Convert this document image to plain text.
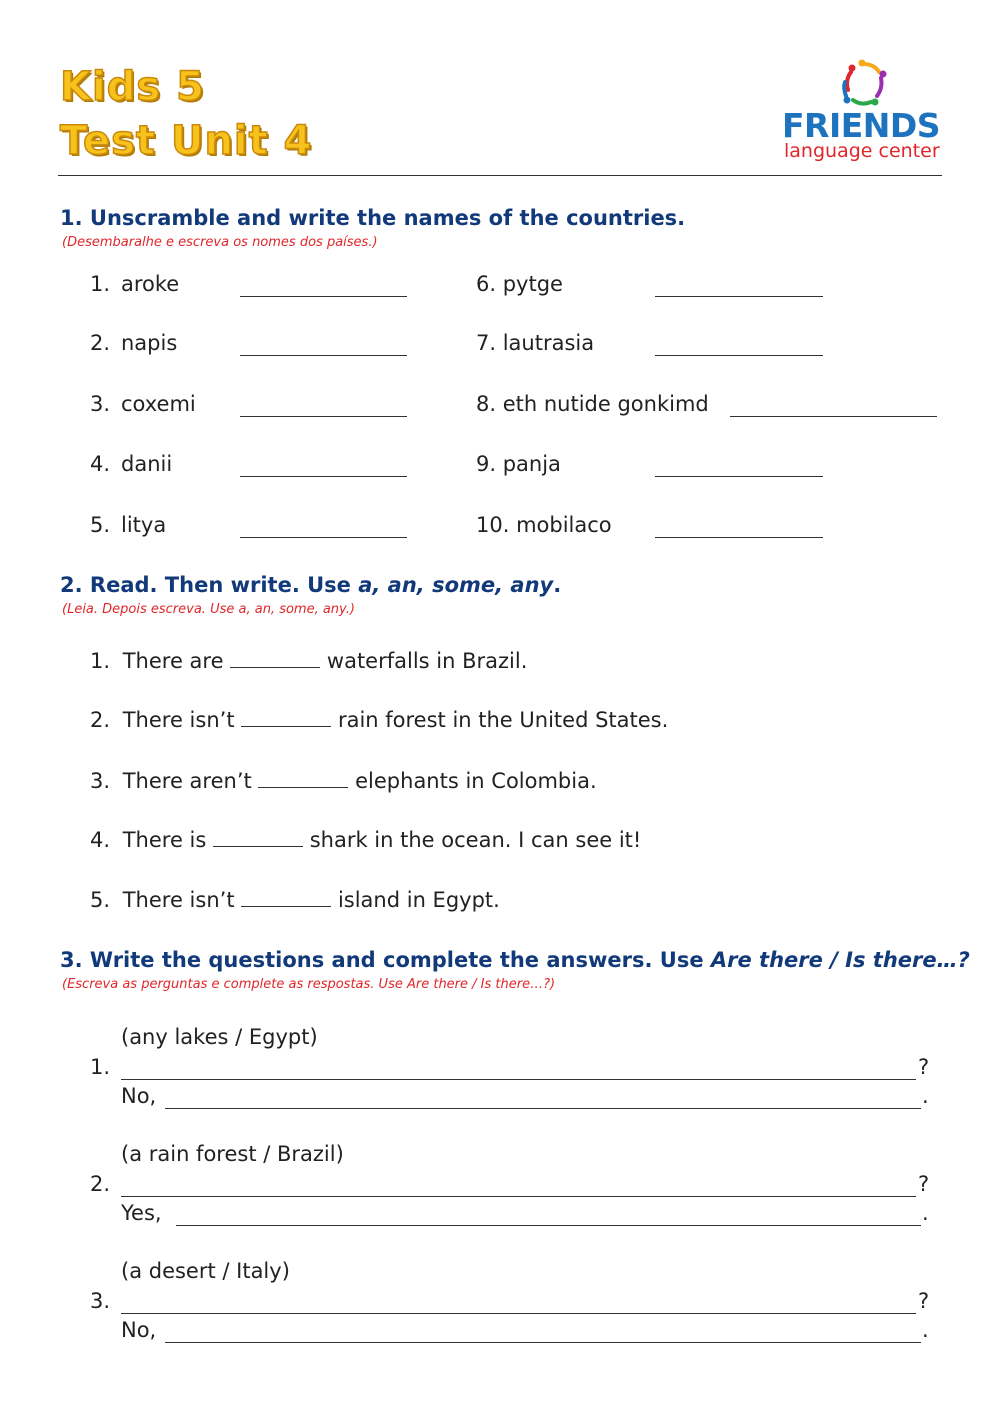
Kids 5
Test Unit 4	FRIENDS
language center
1. Unscramble and write the names of the countries.
(Desembaralhe e escreva os nomes dos países.)
1. aroke
2. napis
3. coxemi
4. danii
5. litya
6. pytge
7. lautrasia
8. eth nutide gonkimd
9. panja
10. mobilaco
2. Read. Then write. Use a, an, some, any.
(Leia. Depois escreva. Use a, an, some, any.)
1. There are	waterfalls in Brazil.
2. There isn’t	rain forest in the United States.
3. There aren’t	elephants in Colombia.
4. There is	shark in the ocean. I can see it!
5. There isn’t	island in Egypt.
3. Write the questions and complete the answers. Use Are there / Is there…?
(Escreva as perguntas e complete as respostas. Use Are there / Is there…?)
(any lakes / Egypt)
1.	?
No,	.
(a rain forest / Brazil)
2.	?
Yes,	.
(a desert / Italy)
3.	?
No,	.
